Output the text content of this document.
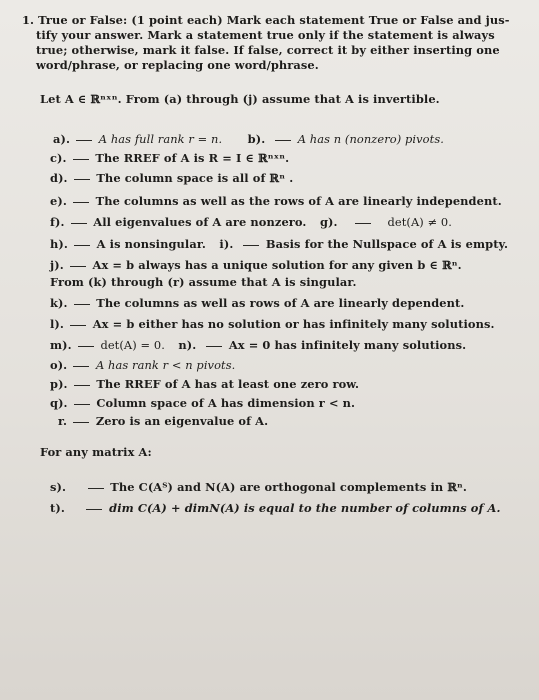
1. True or False: (1 point each) Mark each statement True or False and jus-
tify your answer. Mark a statement true only if the statement is always
true; otherwise, mark it false. If false, correct it by either inserting one
word/phrase, or replacing one word/phrase.
Let A ∈ ℝⁿˣⁿ. From (a) through (j) assume that A is invertible.
a).	A has full rank r = n. b).	A has n (nonzero) pivots.
c).	The RREF of A is R = I ∈ ℝⁿˣⁿ.
d).	The column space is all of ℝⁿ .
e).	The columns as well as the rows of A are linearly independent.
f).	All eigenvalues of A are nonzero. g).	det(A) ≠ 0.
h).	A is nonsingular. i).	Basis for the Nullspace of A is empty.
j).	Ax = b always has a unique solution for any given b ∈ ℝⁿ.
From (k) through (r) assume that A is singular.
k).	The columns as well as rows of A are linearly dependent.
l).	Ax = b either has no solution or has infinitely many solutions.
m).	det(A) = 0. n).	Ax = 0 has infinitely many solutions.
o).	A has rank r < n pivots.
p).	The RREF of A has at least one zero row.
q).	Column space of A has dimension r < n.
r.	Zero is an eigenvalue of A.
For any matrix A:
s).	The C(Aᵀ) and N(A) are orthogonal complements in ℝⁿ.
t).	dim C(A) + dimN(A) is equal to the number of columns of A.
